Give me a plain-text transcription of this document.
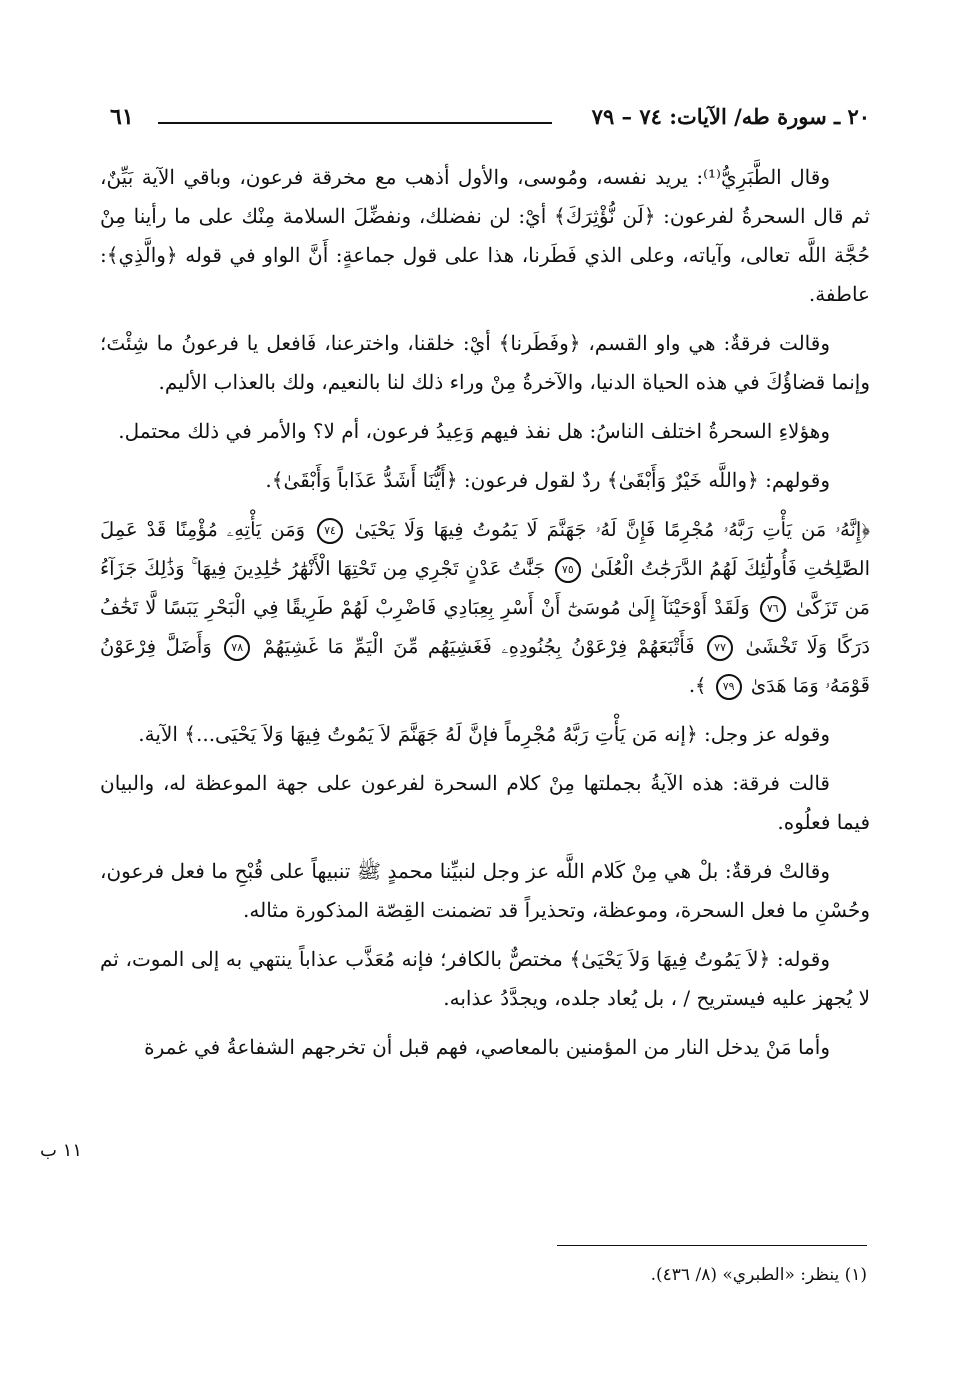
٢٠ ـ سورة طه/ الآيات: ٧٤ – ٧٩
٦١

وقال الطَّبَرِيُّ⁽¹⁾: يريد نفسه، ومُوسى، والأول أذهب مع مخرقة فرعون، وباقي الآية بَيِّنٌ، ثم قال السحرةُ لفرعون: ﴿لَن نُّؤْثِرَكَ﴾ أيْ: لن نفضلك، ونفضِّلَ السلامة مِنْك على ما رأينا مِنْ حُجَّة اللَّه تعالى، وآياته، وعلى الذي فَطَرنا، هذا على قول جماعةٍ: أَنَّ الواو في قوله ﴿والَّذِي﴾: عاطفة.

وقالت فرقةٌ: هي واو القسم، ﴿وفَطَرنا﴾ أيْ: خلقنا، واخترعنا، فَافعل يا فرعونُ ما شِئْتَ؛ وإنما قضاؤُكَ في هذه الحياة الدنيا، والآخرةُ مِنْ وراء ذلك لنا بالنعيم، ولك بالعذاب الأليم.

وهؤلاءِ السحرةُ اختلف الناسُ: هل نفذ فيهم وَعِيدُ فرعون، أم لا؟ والأمر في ذلك محتمل.

وقولهم: ﴿واللَّه خَيْرٌ وَأَبْقَىٰ﴾ ردٌ لقول فرعون: ﴿أَيُّنَا أَشَدُّ عَذَاباً وَأَبْقَىٰ﴾.

﴿إِنَّهُۥ مَن يَأْتِ رَبَّهُۥ مُجْرِمًا فَإِنَّ لَهُۥ جَهَنَّمَ لَا يَمُوتُ فِيهَا وَلَا يَحْيَىٰ ٧٤ وَمَن يَأْتِهِۦ مُؤْمِنًا قَدْ عَمِلَ الصَّٰلِحَٰتِ فَأُولَٰٓئِكَ لَهُمُ الدَّرَجَٰتُ الْعُلَىٰ ٧٥ جَنَّٰتُ عَدْنٍ تَجْرِي مِن تَحْتِهَا الْأَنْهَٰرُ خَٰلِدِينَ فِيهَا ۚ وَذَٰلِكَ جَزَآءُ مَن تَزَكَّىٰ ٧٦ وَلَقَدْ أَوْحَيْنَآ إِلَىٰ مُوسَىٰٓ أَنْ أَسْرِ بِعِبَادِي فَاضْرِبْ لَهُمْ طَرِيقًا فِي الْبَحْرِ يَبَسًا لَّا تَخَٰفُ دَرَكًا وَلَا تَخْشَىٰ ٧٧ فَأَتْبَعَهُمْ فِرْعَوْنُ بِجُنُودِهِۦ فَغَشِيَهُم مِّنَ الْيَمِّ مَا غَشِيَهُمْ ٧٨ وَأَضَلَّ فِرْعَوْنُ قَوْمَهُۥ وَمَا هَدَىٰ ٧٩ ﴾.

وقوله عز وجل: ﴿إنه مَن يَأْتِ رَبَّهُ مُجْرِماً فإنَّ لَهُ جَهَنَّمَ لاَ يَمُوتُ فِيهَا وَلاَ يَحْيَى...﴾ الآية.

قالت فرقة: هذه الآيةُ بجملتها مِنْ كلام السحرة لفرعون على جهة الموعظة له، والبيان فيما فعلُوه.

وقالتْ فرقةٌ: بلْ هي مِنْ كَلام اللَّه عز وجل لنبيِّنا محمدٍ ﷺ تنبيهاً على قُبْحِ ما فعل فرعون، وحُسْنِ ما فعل السحرة، وموعظة، وتحذيراً قد تضمنت القِصّة المذكورة مثاله.

وقوله: ﴿لاَ يَمُوتُ فِيهَا وَلاَ يَحْيَىٰ﴾ مختصٌّ بالكافر؛ فإنه مُعَذَّب عذاباً ينتهي به إلى الموت، ثم لا يُجهز عليه فيستريح / ، بل يُعاد جلده، ويجدَّدُ عذابه.

وأما مَنْ يدخل النار من المؤمنين بالمعاصي، فهم قبل أن تخرجهم الشفاعةُ في غمرة

١١ ب
(١) ينظر: «الطبري» (٨/ ٤٣٦).
